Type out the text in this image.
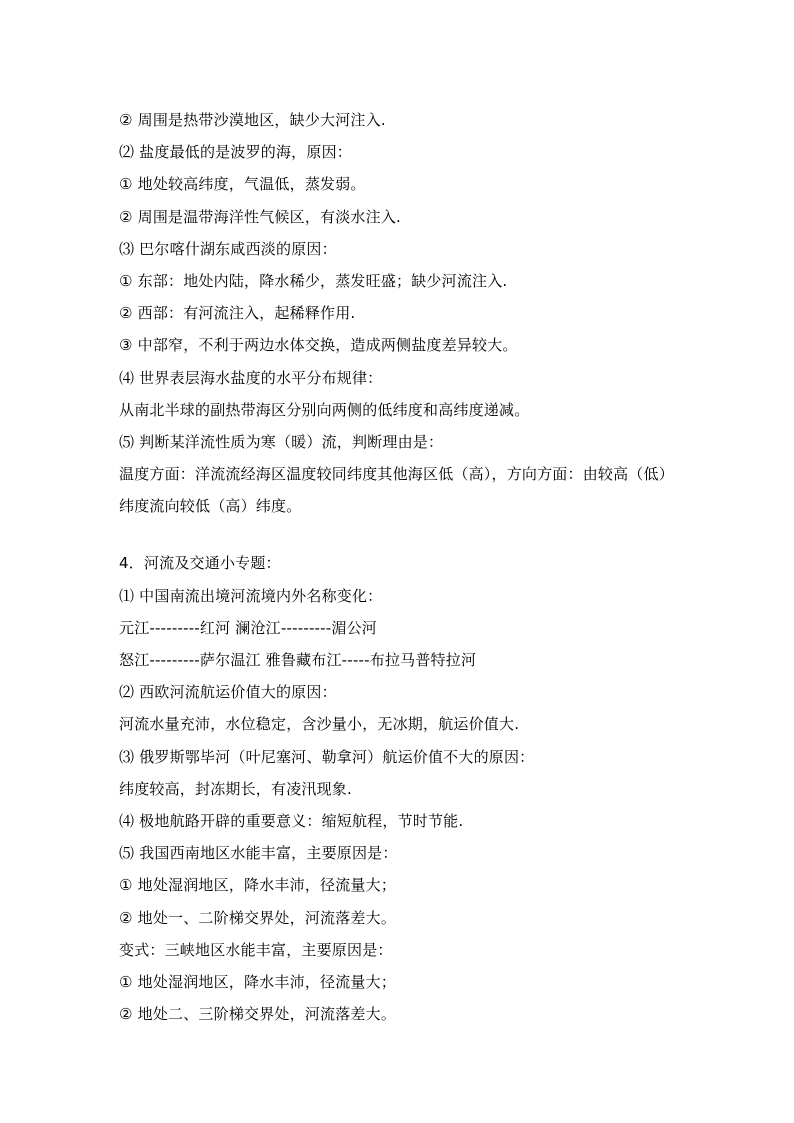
② 周围是热带沙漠地区，缺少大河注入.
⑵ 盐度最低的是波罗的海，原因：
① 地处较高纬度，气温低，蒸发弱。
② 周围是温带海洋性气候区，有淡水注入.
⑶ 巴尔喀什湖东咸西淡的原因：
① 东部：地处内陆，降水稀少，蒸发旺盛；缺少河流注入.
② 西部：有河流注入，起稀释作用.
③ 中部窄，不利于两边水体交换，造成两侧盐度差异较大。
⑷ 世界表层海水盐度的水平分布规律：
从南北半球的副热带海区分别向两侧的低纬度和高纬度递减。
⑸ 判断某洋流性质为寒（暖）流，判断理由是：
温度方面：洋流流经海区温度较同纬度其他海区低（高），方向方面：由较高（低）纬度流向较低（高）纬度。
4．河流及交通小专题：
⑴ 中国南流出境河流境内外名称变化：
元江---------红河 澜沧江---------湄公河
怒江---------萨尔温江 雅鲁藏布江-----布拉马普特拉河
⑵ 西欧河流航运价值大的原因：
河流水量充沛，水位稳定，含沙量小，无冰期，航运价值大.
⑶ 俄罗斯鄂毕河（叶尼塞河、勒拿河）航运价值不大的原因：
纬度较高，封冻期长，有凌汛现象.
⑷ 极地航路开辟的重要意义：缩短航程，节时节能.
⑸ 我国西南地区水能丰富，主要原因是：
① 地处湿润地区，降水丰沛，径流量大；
② 地处一、二阶梯交界处，河流落差大。
变式：三峡地区水能丰富，主要原因是：
① 地处湿润地区，降水丰沛，径流量大；
② 地处二、三阶梯交界处，河流落差大。
